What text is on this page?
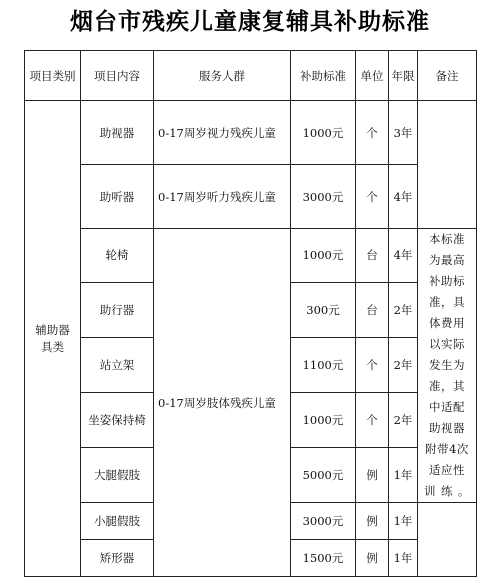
烟台市残疾儿童康复辅具补助标准
项目类别	项目内容	服务人群	补助标准	单位	年限	备注
辅助器具类	助视器	0-17周岁视力残疾儿童	1000元	个	3年	
	助听器	0-17周岁听力残疾儿童	3000元	个	4年	
	轮椅	0-17周岁肢体残疾儿童	1000元	台	4年	本标准为最高补助标准，具体费用以实际发生为准，其中适配助视器附带4次适应性训练。
	助行器		300元	台	2年	
	站立架		1100元	个	2年	
	坐姿保持椅		1000元	个	2年	
	大腿假肢		5000元	例	1年	
	小腿假肢		3000元	例	1年	
	矫形器		1500元	例	1年	
